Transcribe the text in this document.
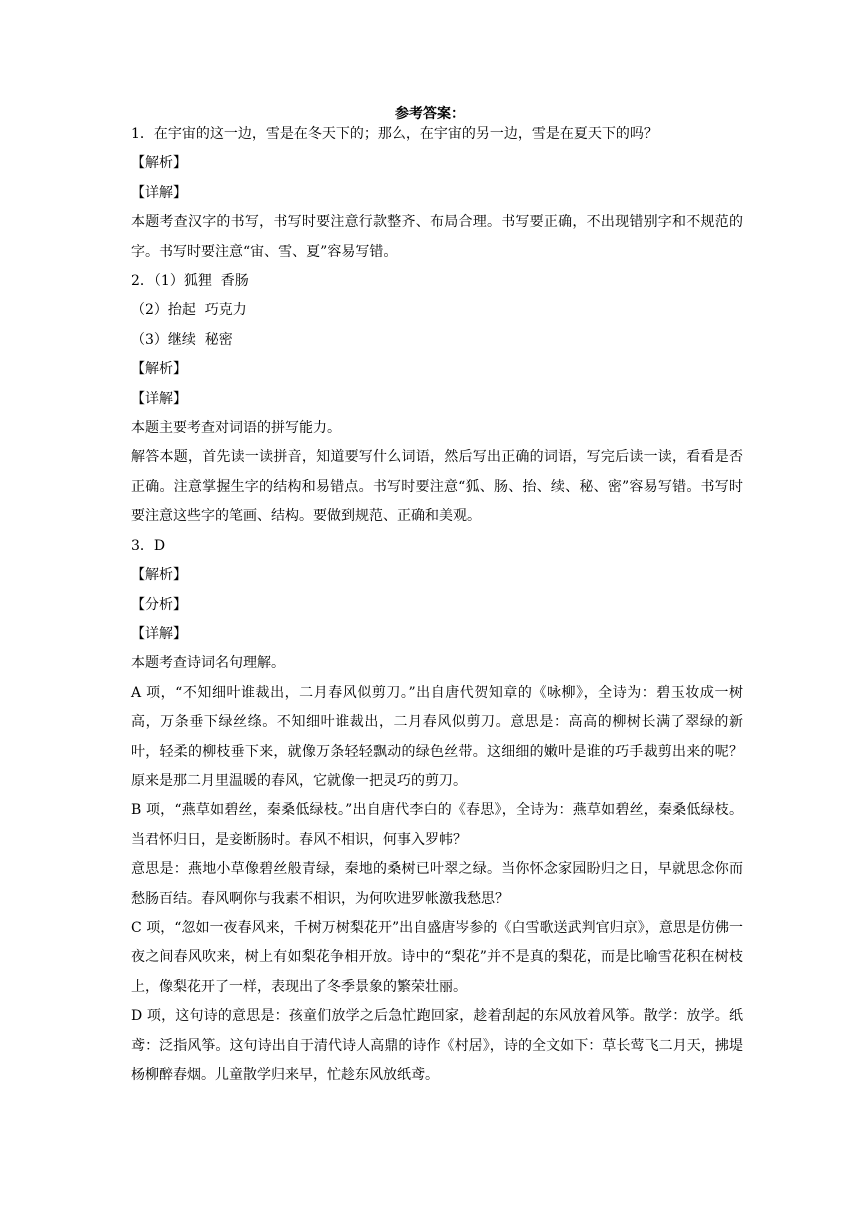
参考答案：

1．在宇宙的这一边，雪是在冬天下的；那么，在宇宙的另一边，雪是在夏天下的吗？

【解析】

【详解】

本题考查汉字的书写，书写时要注意行款整齐、布局合理。书写要正确，不出现错别字和不规范的字。书写时要注意“宙、雪、夏”容易写错。

2．（1）狐狸  香肠

（2）抬起  巧克力

（3）继续  秘密

【解析】

【详解】

本题主要考查对词语的拼写能力。

解答本题，首先读一读拼音，知道要写什么词语，然后写出正确的词语，写完后读一读，看看是否正确。注意掌握生字的结构和易错点。书写时要注意“狐、肠、抬、续、秘、密”容易写错。书写时要注意这些字的笔画、结构。要做到规范、正确和美观。

3．D

【解析】

【分析】

【详解】

本题考查诗词名句理解。

A 项，“不知细叶谁裁出，二月春风似剪刀。”出自唐代贺知章的《咏柳》，全诗为：碧玉妆成一树高，万条垂下绿丝绦。不知细叶谁裁出，二月春风似剪刀。意思是：高高的柳树长满了翠绿的新叶，轻柔的柳枝垂下来，就像万条轻轻飘动的绿色丝带。这细细的嫩叶是谁的巧手裁剪出来的呢？原来是那二月里温暖的春风，它就像一把灵巧的剪刀。

B 项，“燕草如碧丝，秦桑低绿枝。”出自唐代李白的《春思》，全诗为：燕草如碧丝，秦桑低绿枝。当君怀归日，是妾断肠时。春风不相识，何事入罗帏？

意思是：燕地小草像碧丝般青绿，秦地的桑树已叶翠之绿。当你怀念家园盼归之日，早就思念你而愁肠百结。春风啊你与我素不相识，为何吹进罗帐激我愁思？

C 项，“忽如一夜春风来，千树万树梨花开”出自盛唐岑参的《白雪歌送武判官归京》，意思是仿佛一夜之间春风吹来，树上有如梨花争相开放。诗中的“梨花”并不是真的梨花，而是比喻雪花积在树枝上，像梨花开了一样，表现出了冬季景象的繁荣壮丽。

D 项，这句诗的意思是：孩童们放学之后急忙跑回家，趁着刮起的东风放着风筝。散学：放学。纸鸢：泛指风筝。这句诗出自于清代诗人高鼎的诗作《村居》，诗的全文如下：草长莺飞二月天，拂堤杨柳醉春烟。儿童散学归来早，忙趁东风放纸鸢。
